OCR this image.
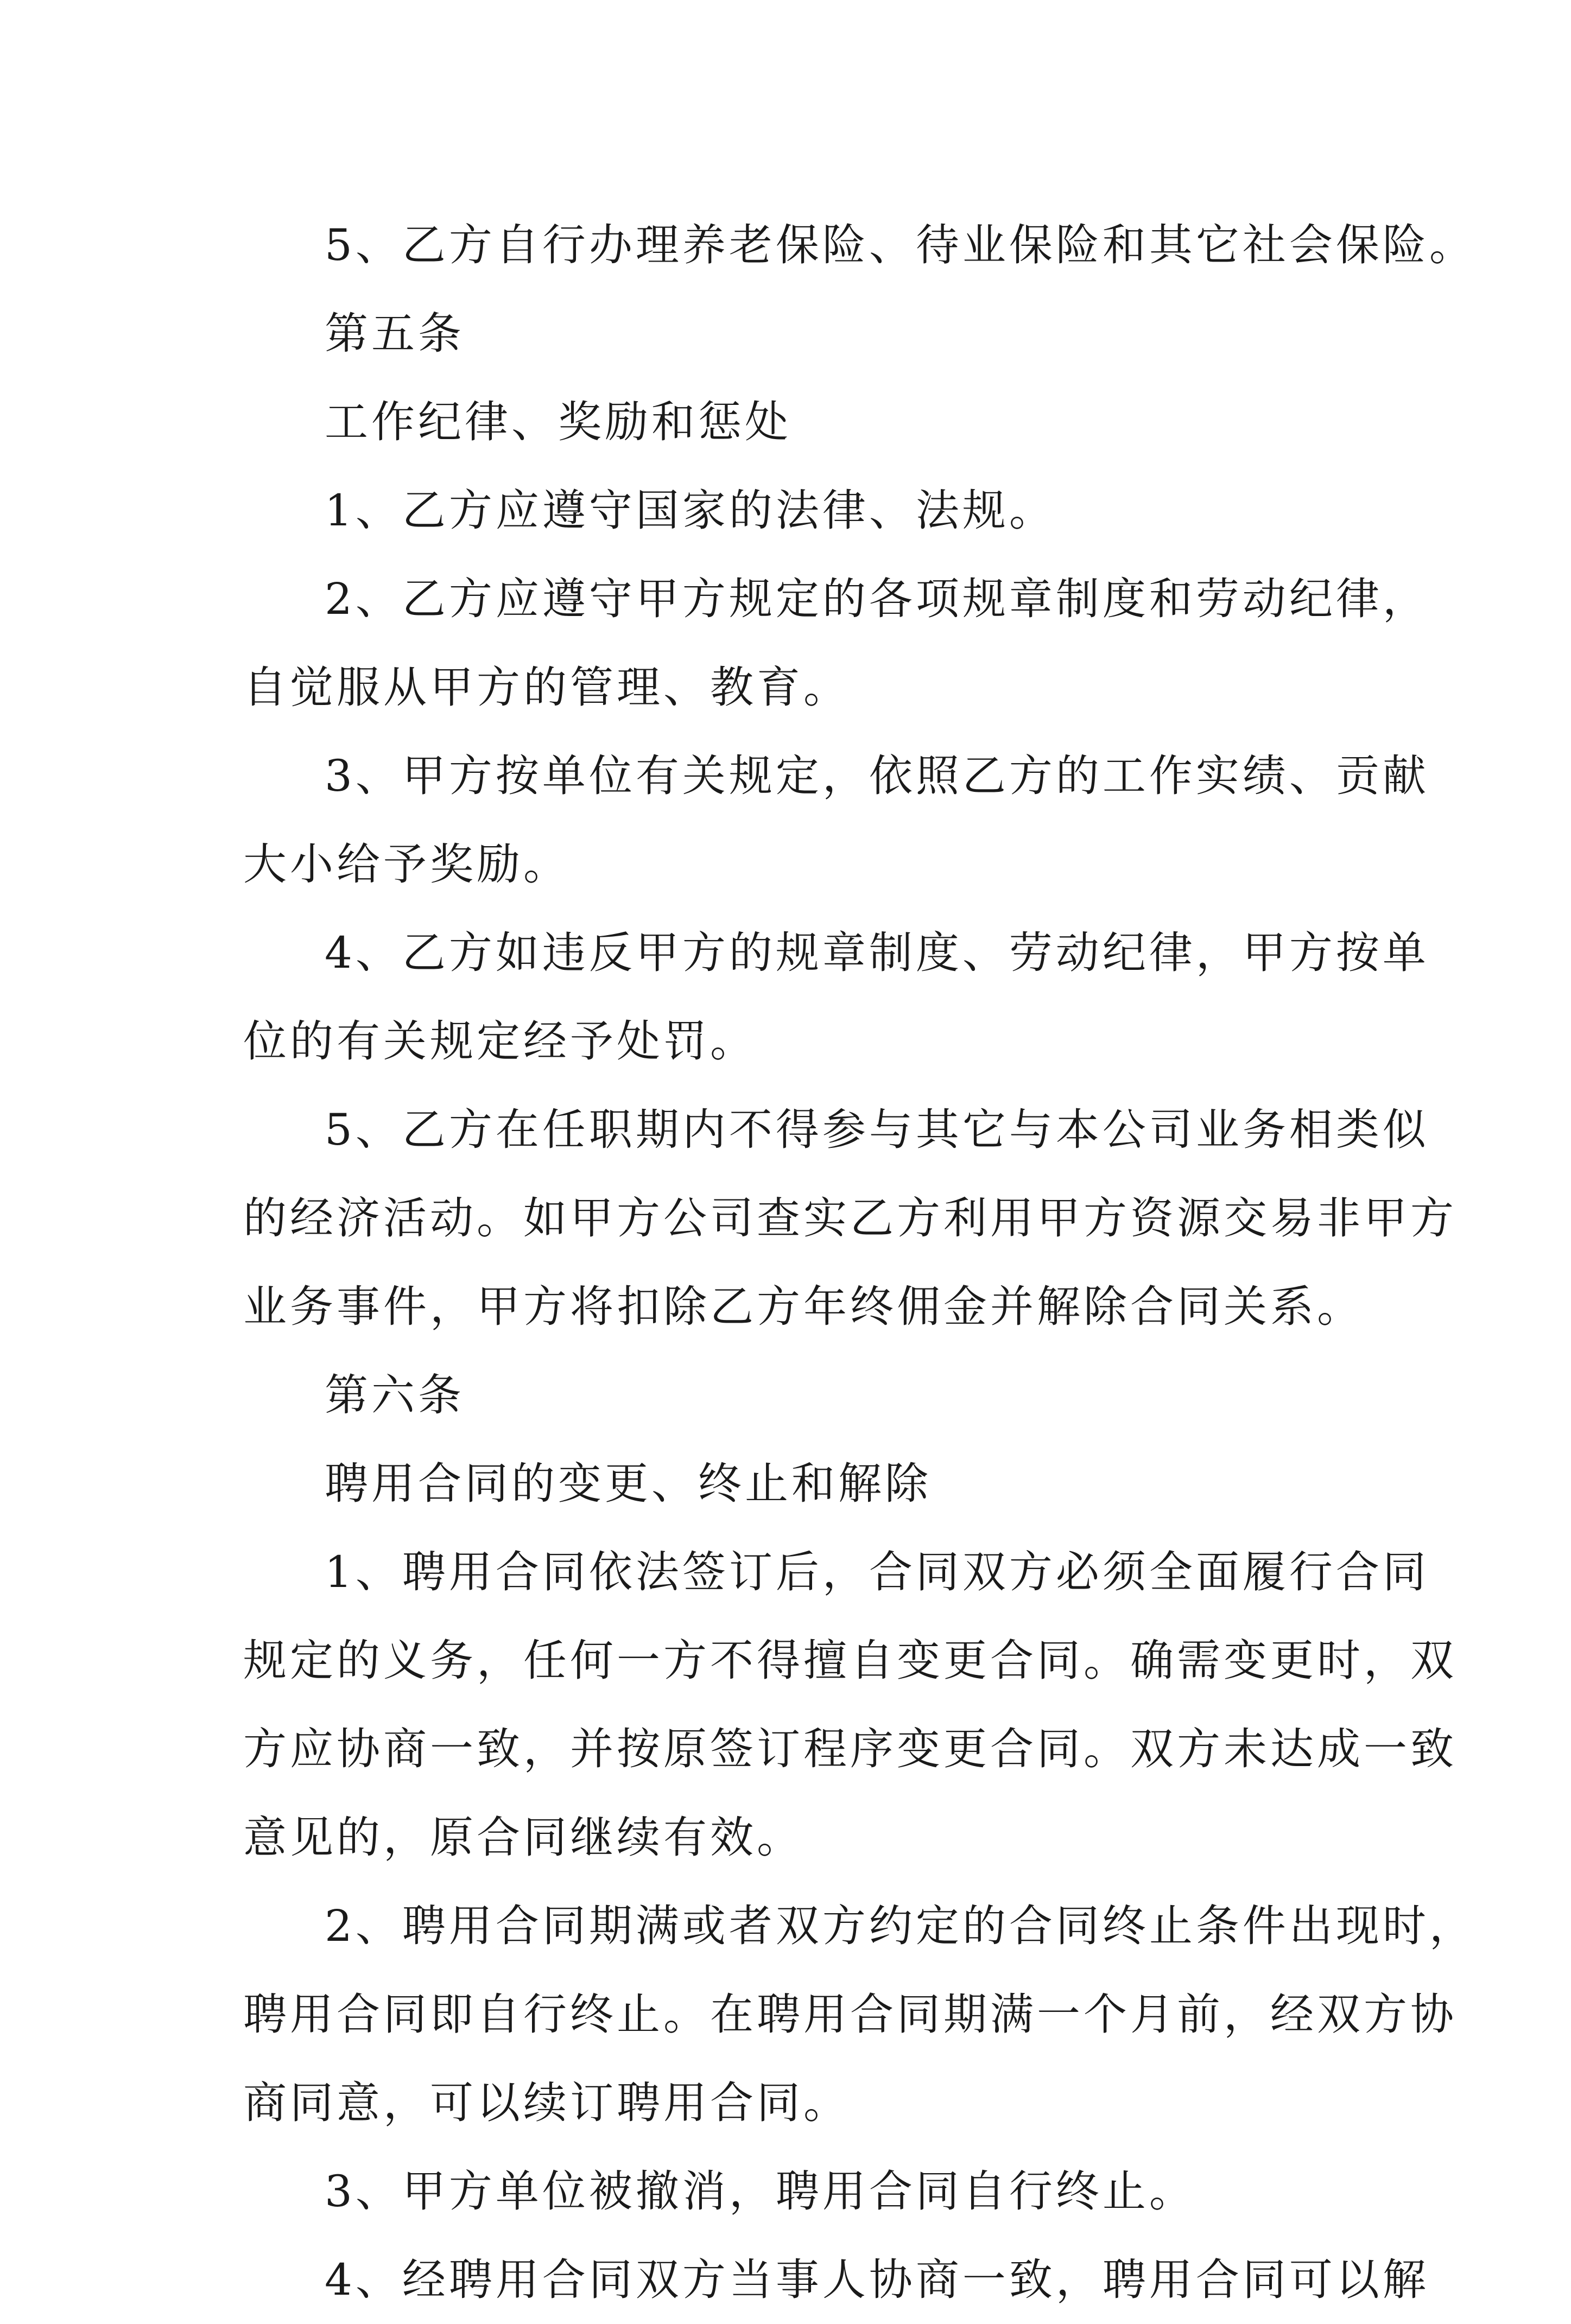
5、乙方自行办理养老保险、待业保险和其它社会保险。
第五条
工作纪律、奖励和惩处
1、乙方应遵守国家的法律、法规。
2、乙方应遵守甲方规定的各项规章制度和劳动纪律，
自觉服从甲方的管理、教育。
3、甲方按单位有关规定，依照乙方的工作实绩、贡献
大小给予奖励。
4、乙方如违反甲方的规章制度、劳动纪律，甲方按单
位的有关规定经予处罚。
5、乙方在任职期内不得参与其它与本公司业务相类似
的经济活动。如甲方公司查实乙方利用甲方资源交易非甲方
业务事件，甲方将扣除乙方年终佣金并解除合同关系。
第六条
聘用合同的变更、终止和解除
1、聘用合同依法签订后，合同双方必须全面履行合同
规定的义务，任何一方不得擅自变更合同。确需变更时，双
方应协商一致，并按原签订程序变更合同。双方未达成一致
意见的，原合同继续有效。
2、聘用合同期满或者双方约定的合同终止条件出现时，
聘用合同即自行终止。在聘用合同期满一个月前，经双方协
商同意，可以续订聘用合同。
3、甲方单位被撤消，聘用合同自行终止。
4、经聘用合同双方当事人协商一致，聘用合同可以解
